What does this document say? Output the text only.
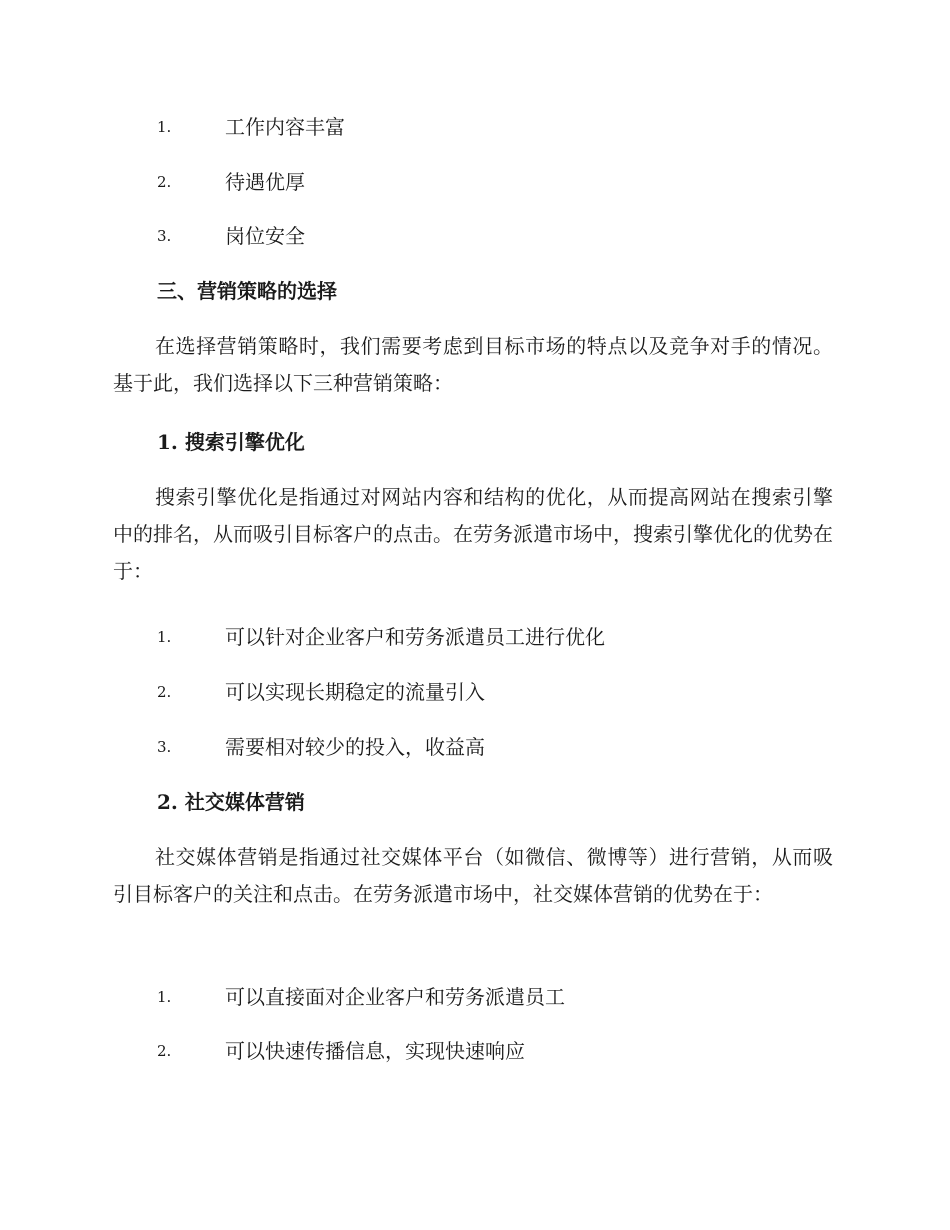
1.	工作内容丰富
2.	待遇优厚
3.	岗位安全
三、营销策略的选择

在选择营销策略时，我们需要考虑到目标市场的特点以及竞争对手的情况。基于此，我们选择以下三种营销策略：

1. 搜索引擎优化

搜索引擎优化是指通过对网站内容和结构的优化，从而提高网站在搜索引擎中的排名，从而吸引目标客户的点击。在劳务派遣市场中，搜索引擎优化的优势在于：

1.	可以针对企业客户和劳务派遣员工进行优化
2.	可以实现长期稳定的流量引入
3.	需要相对较少的投入，收益高
2. 社交媒体营销

社交媒体营销是指通过社交媒体平台（如微信、微博等）进行营销，从而吸引目标客户的关注和点击。在劳务派遣市场中，社交媒体营销的优势在于：

1.	可以直接面对企业客户和劳务派遣员工
2.	可以快速传播信息，实现快速响应
